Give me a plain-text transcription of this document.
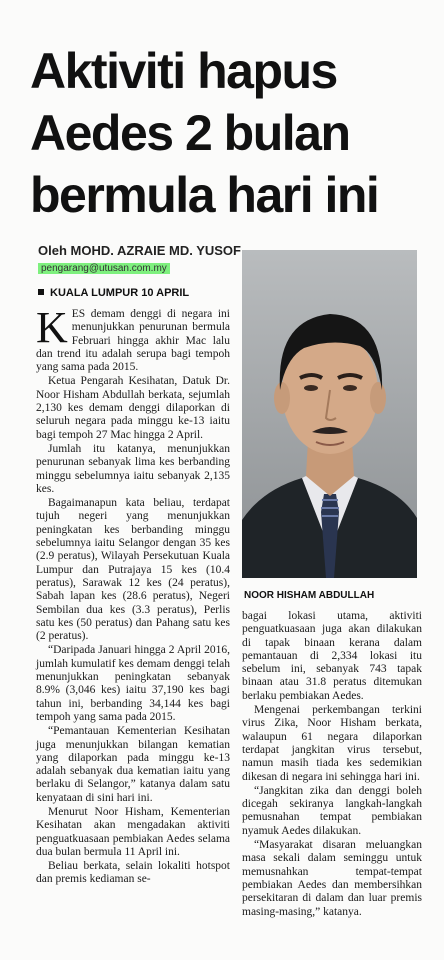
Aktiviti hapus
Aedes 2 bulan
bermula hari ini
Oleh MOHD. AZRAIE MD. YUSOF
pengarang@utusan.com.my
KUALA LUMPUR 10 APRIL

KES demam denggi di negara ini menunjukkan penurunan bermula Februari hingga akhir Mac lalu dan trend itu adalah serupa bagi tempoh yang sama pada 2015.

Ketua Pengarah Kesihatan, Datuk Dr. Noor Hisham Abdullah berkata, sejumlah 2,130 kes demam denggi dilaporkan di seluruh negara pada minggu ke-13 iaitu bagi tempoh 27 Mac hingga 2 April.

Jumlah itu katanya, menunjukkan penurunan sebanyak lima kes berbanding minggu sebelumnya iaitu sebanyak 2,135 kes.

Bagaimanapun kata beliau, terdapat tujuh negeri yang menunjukkan peningkatan kes berbanding minggu sebelumnya iaitu Selangor dengan 35 kes (2.9 peratus), Wilayah Persekutuan Kuala Lumpur dan Putrajaya 15 kes (10.4 peratus), Sarawak 12 kes (24 peratus), Sabah lapan kes (28.6 peratus), Negeri Sembilan dua kes (3.3 peratus), Perlis satu kes (50 peratus) dan Pahang satu kes (2 peratus).

“Daripada Januari hingga 2 April 2016, jumlah kumulatif kes demam denggi telah menunjukkan peningkatan sebanyak 8.9% (3,046 kes) iaitu 37,190 kes bagi tahun ini, berbanding 34,144 kes bagi tempoh yang sama pada 2015.

“Pemantauan Kementerian Kesihatan juga menunjukkan bilangan kematian yang dilaporkan pada minggu ke-13 adalah sebanyak dua kematian iaitu yang berlaku di Selangor,” katanya dalam satu kenyataan di sini hari ini.

Menurut Noor Hisham, Kementerian Kesihatan akan mengadakan aktiviti penguatkuasaan pembiakan Aedes selama dua bulan bermula 11 April ini.

Beliau berkata, selain lokaliti hotspot dan premis kediaman se-

NOOR HISHAM ABDULLAH

bagai lokasi utama, aktiviti penguatkuasaan juga akan dilakukan di tapak binaan kerana dalam pemantauan di 2,334 lokasi itu sebelum ini, sebanyak 743 tapak binaan atau 31.8 peratus ditemukan berlaku pembiakan Aedes.

Mengenai perkembangan terkini virus Zika, Noor Hisham berkata, walaupun 61 negara dilaporkan terdapat jangkitan virus tersebut, namun masih tiada kes sedemikian dikesan di negara ini sehingga hari ini.

“Jangkitan zika dan denggi boleh dicegah sekiranya langkah-langkah pemusnahan tempat pembiakan nyamuk Aedes dilakukan.

“Masyarakat disaran meluangkan masa sekali dalam seminggu untuk memusnahkan tempat-tempat pembiakan Aedes dan membersihkan persekitaran di dalam dan luar premis masing-masing,” katanya.
